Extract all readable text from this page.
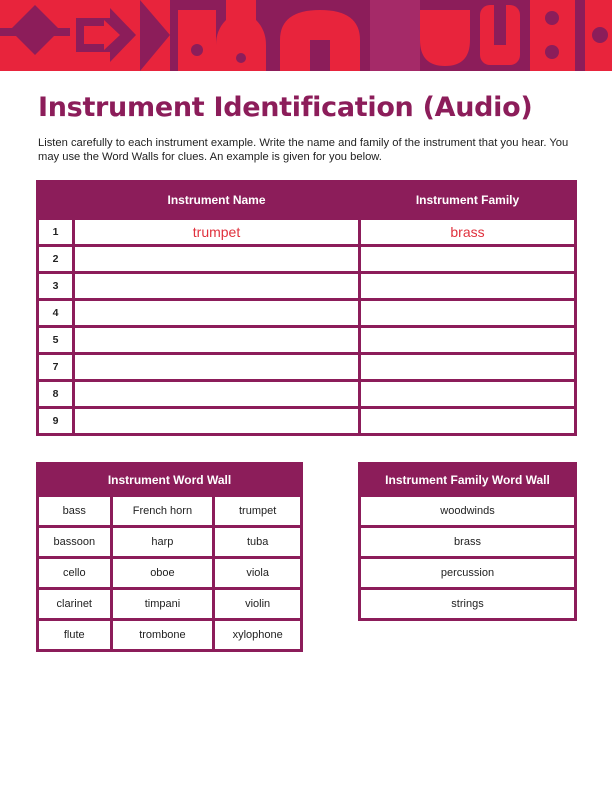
Instrument Identification (Audio)

Listen carefully to each instrument example. Write the name and family of the instrument that you hear. You may use the Word Walls for clues. An example is given for you below.

	Instrument Name	Instrument Family
1	trumpet	brass
2		
3		
4		
5		
7		
8		
9		
Instrument Word Wall		
bass	French horn	trumpet
bassoon	harp	tuba
cello	oboe	viola
clarinet	timpani	violin
flute	trombone	xylophone
Instrument Family Word Wall
woodwinds
brass
percussion
strings
